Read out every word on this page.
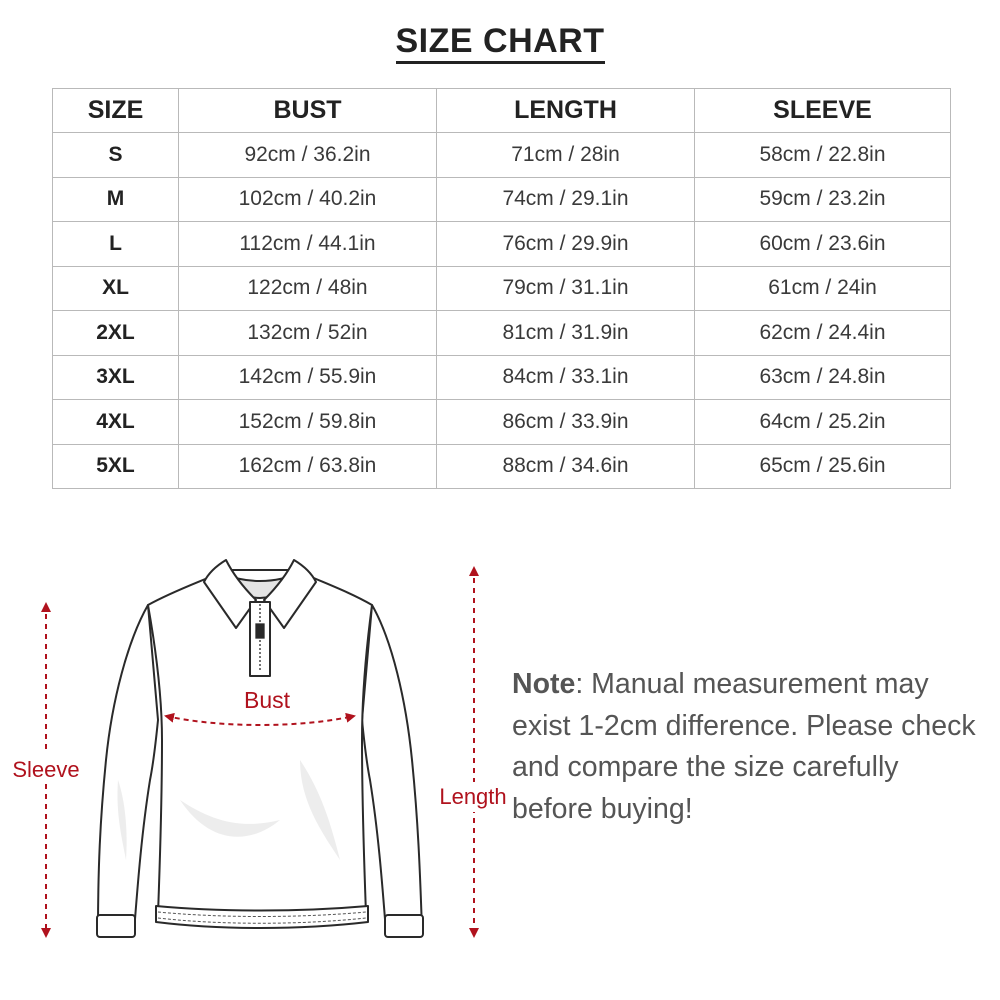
SIZE CHART
SIZE	BUST	LENGTH	SLEEVE
S	92cm / 36.2in	71cm / 28in	58cm / 22.8in
M	102cm / 40.2in	74cm / 29.1in	59cm / 23.2in
L	112cm / 44.1in	76cm / 29.9in	60cm / 23.6in
XL	122cm / 48in	79cm / 31.1in	61cm / 24in
2XL	132cm / 52in	81cm / 31.9in	62cm / 24.4in
3XL	142cm / 55.9in	84cm / 33.1in	63cm / 24.8in
4XL	152cm / 59.8in	86cm / 33.9in	64cm / 25.2in
5XL	162cm / 63.8in	88cm / 34.6in	65cm / 25.6in
Bust
Sleeve
Length
Note: Manual measurement may exist 1-2cm difference. Please check and compare the size carefully before buying!
